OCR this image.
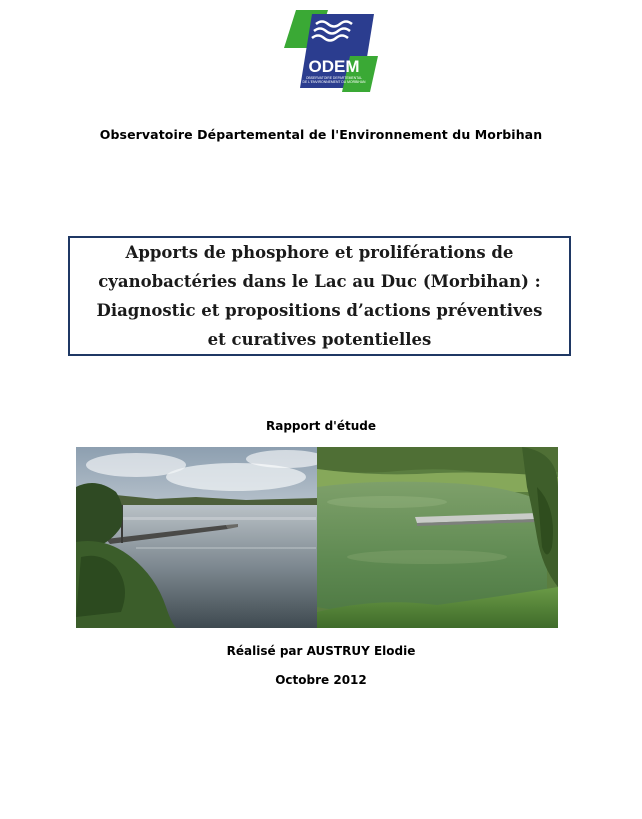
ODEM
OBSERVATOIRE DEPARTEMENTAL
DE L'ENVIRONNEMENT DU MORBIHAN
Observatoire Départemental de l'Environnement du Morbihan
Apports de phosphore et proliférations de cyanobactéries dans le Lac au Duc (Morbihan) : Diagnostic et propositions d’actions préventives et curatives potentielles
Rapport d'étude
Réalisé par AUSTRUY Elodie
Octobre 2012
